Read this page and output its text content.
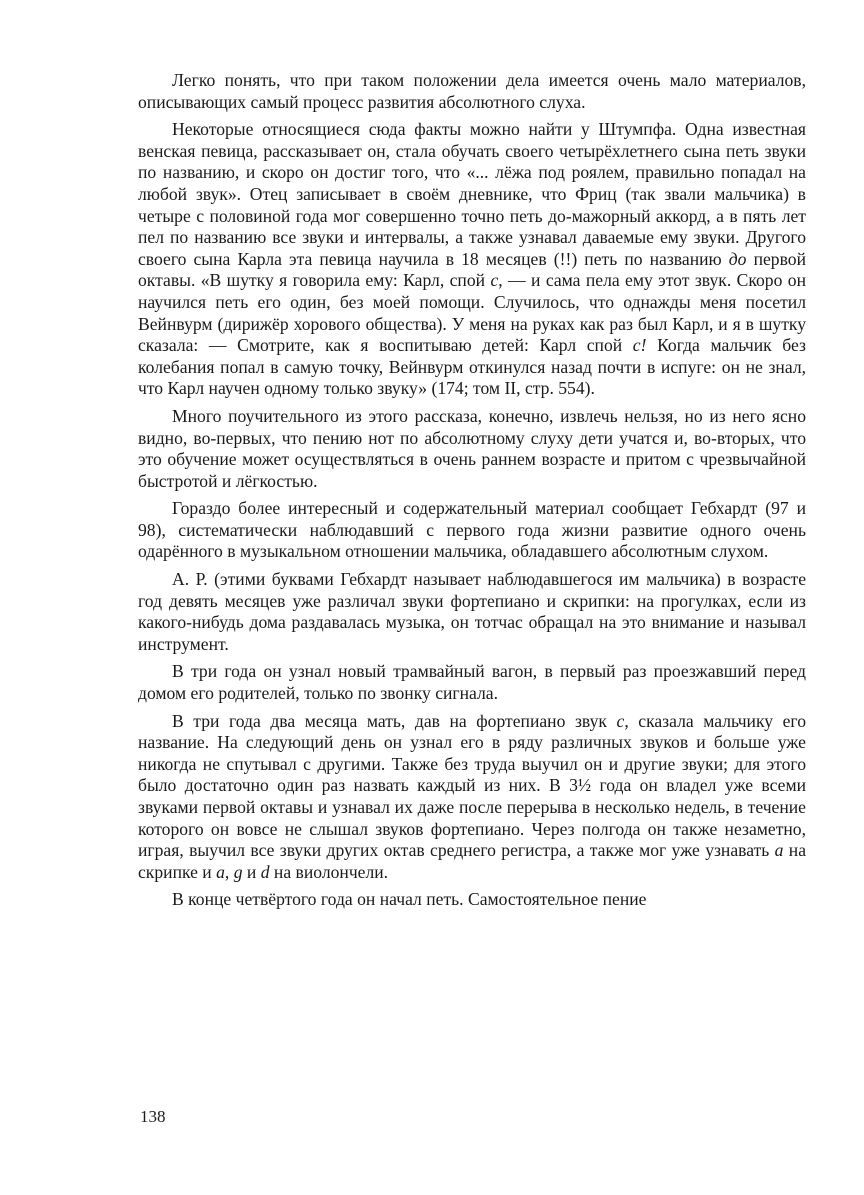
Легко понять, что при таком положении дела имеется очень мало материалов, описывающих самый процесс развития абсолютного слуха.

Некоторые относящиеся сюда факты можно найти у Штумпфа. Одна известная венская певица, рассказывает он, стала обучать своего четырёхлетнего сына петь звуки по названию, и скоро он достиг того, что «... лёжа под роялем, правильно попадал на любой звук». Отец записывает в своём дневнике, что Фриц (так звали мальчика) в четыре с половиной года мог совершенно точно петь до-мажорный аккорд, а в пять лет пел по названию все звуки и интервалы, а также узнавал даваемые ему звуки. Другого своего сына Карла эта певица научила в 18 месяцев (!!) петь по названию до первой октавы. «В шутку я говорила ему: Карл, спой c, — и сама пела ему этот звук. Скоро он научился петь его один, без моей помощи. Случилось, что однажды меня посетил Вейнвурм (дирижёр хорового общества). У меня на руках как раз был Карл, и я в шутку сказала: — Смотрите, как я воспитываю детей: Карл спой c! Когда мальчик без колебания попал в самую точку, Вейнвурм откинулся назад почти в испуге: он не знал, что Карл научен одному только звуку» (174; том II, стр. 554).

Много поучительного из этого рассказа, конечно, извлечь нельзя, но из него ясно видно, во-первых, что пению нот по абсолютному слуху дети учатся и, во-вторых, что это обучение может осуществляться в очень раннем возрасте и притом с чрезвычайной быстротой и лёгкостью.

Гораздо более интересный и содержательный материал сообщает Гебхардт (97 и 98), систематически наблюдавший с первого года жизни развитие одного очень одарённого в музыкальном отношении мальчика, обладавшего абсолютным слухом.

А. Р. (этими буквами Гебхардт называет наблюдавшегося им мальчика) в возрасте год девять месяцев уже различал звуки фортепиано и скрипки: на прогулках, если из какого-нибудь дома раздавалась музыка, он тотчас обращал на это внимание и называл инструмент.

В три года он узнал новый трамвайный вагон, в первый раз проезжавший перед домом его родителей, только по звонку сигнала.

В три года два месяца мать, дав на фортепиано звук c, сказала мальчику его название. На следующий день он узнал его в ряду различных звуков и больше уже никогда не спутывал с другими. Также без труда выучил он и другие звуки; для этого было достаточно один раз назвать каждый из них. В 3½ года он владел уже всеми звуками первой октавы и узнавал их даже после перерыва в несколько недель, в течение которого он вовсе не слышал звуков фортепиано. Через полгода он также незаметно, играя, выучил все звуки других октав среднего регистра, а также мог уже узнавать a на скрипке и a, g и d на виолончели.

В конце четвёртого года он начал петь. Самостоятельное пение

138
